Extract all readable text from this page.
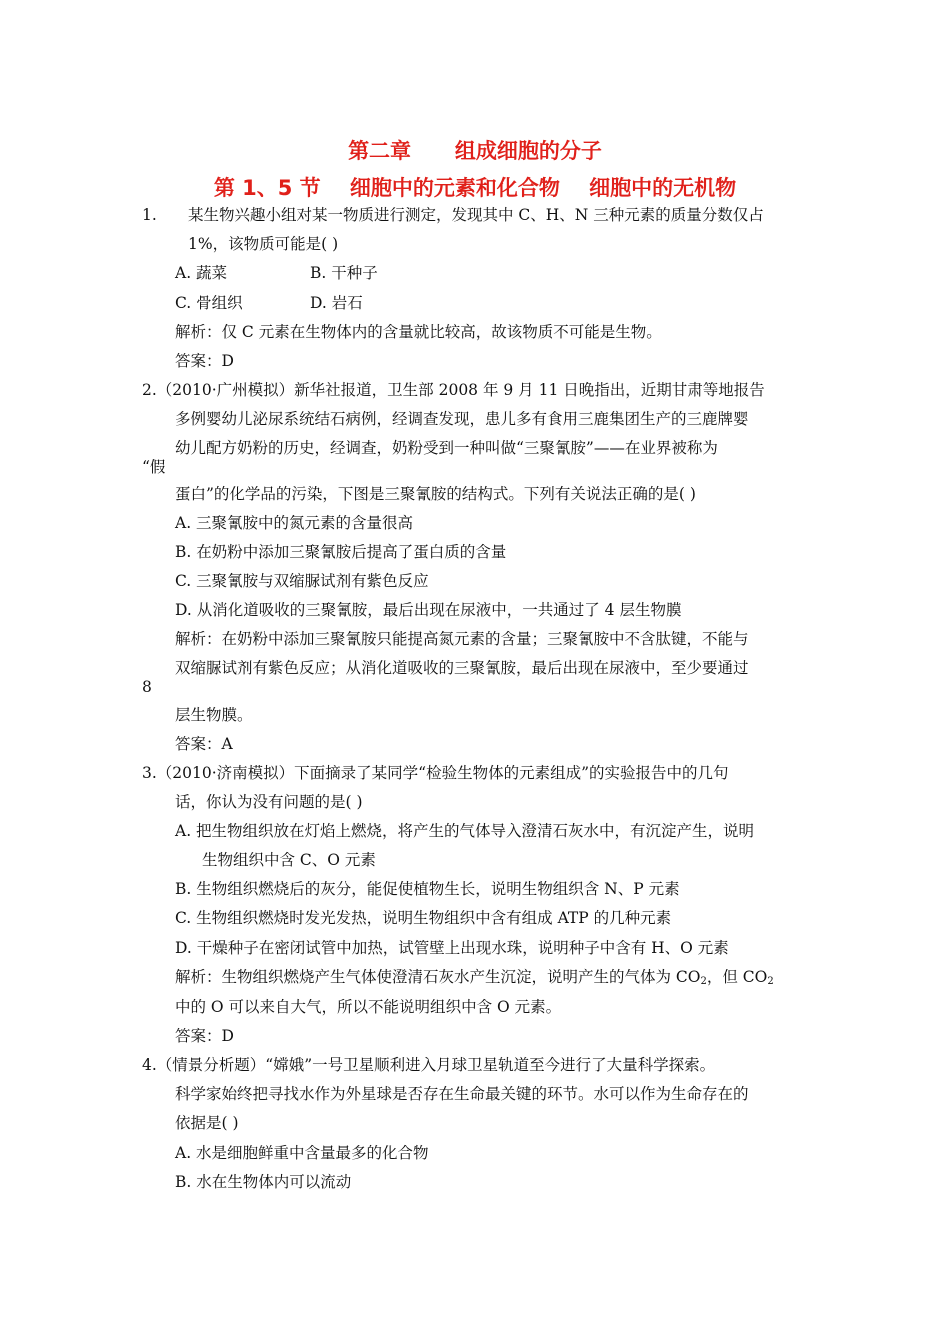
第二章      组成细胞的分子
第 1、5 节    细胞中的元素和化合物    细胞中的无机物
1. 某生物兴趣小组对某一物质进行测定，发现其中 C、H、N 三种元素的质量分数仅占
1%，该物质可能是( )
A. 蔬菜	B. 干种子
C. 骨组织	D. 岩石
解析：仅 C 元素在生物体内的含量就比较高，故该物质不可能是生物。
答案：D
2.（2010·广州模拟）新华社报道，卫生部 2008 年 9 月 11 日晚指出，近期甘肃等地报告
多例婴幼儿泌尿系统结石病例，经调查发现，患儿多有食用三鹿集团生产的三鹿牌婴
幼儿配方奶粉的历史，经调查，奶粉受到一种叫做“三聚氰胺”——在业界被称为
“假
蛋白”的化学品的污染，下图是三聚氰胺的结构式。下列有关说法正确的是( )
A. 三聚氰胺中的氮元素的含量很高
B. 在奶粉中添加三聚氰胺后提高了蛋白质的含量
C. 三聚氰胺与双缩脲试剂有紫色反应
D. 从消化道吸收的三聚氰胺，最后出现在尿液中，一共通过了 4 层生物膜
解析：在奶粉中添加三聚氰胺只能提高氮元素的含量；三聚氰胺中不含肽键，不能与
双缩脲试剂有紫色反应；从消化道吸收的三聚氰胺，最后出现在尿液中，至少要通过
8
层生物膜。
答案：A
3.（2010·济南模拟）下面摘录了某同学“检验生物体的元素组成”的实验报告中的几句
话，你认为没有问题的是( )
A. 把生物组织放在灯焰上燃烧，将产生的气体导入澄清石灰水中，有沉淀产生，说明
生物组织中含 C、O 元素
B. 生物组织燃烧后的灰分，能促使植物生长，说明生物组织含 N、P 元素
C. 生物组织燃烧时发光发热，说明生物组织中含有组成 ATP 的几种元素
D. 干燥种子在密闭试管中加热，试管壁上出现水珠，说明种子中含有 H、O 元素
解析：生物组织燃烧产生气体使澄清石灰水产生沉淀，说明产生的气体为 $CO_2$，但 $CO_2$
中的 O 可以来自大气，所以不能说明组织中含 O 元素。
答案：D
4.（情景分析题）“嫦娥”一号卫星顺利进入月球卫星轨道至今进行了大量科学探索。
科学家始终把寻找水作为外星球是否存在生命最关键的环节。水可以作为生命存在的
依据是( )
A. 水是细胞鲜重中含量最多的化合物
B. 水在生物体内可以流动
